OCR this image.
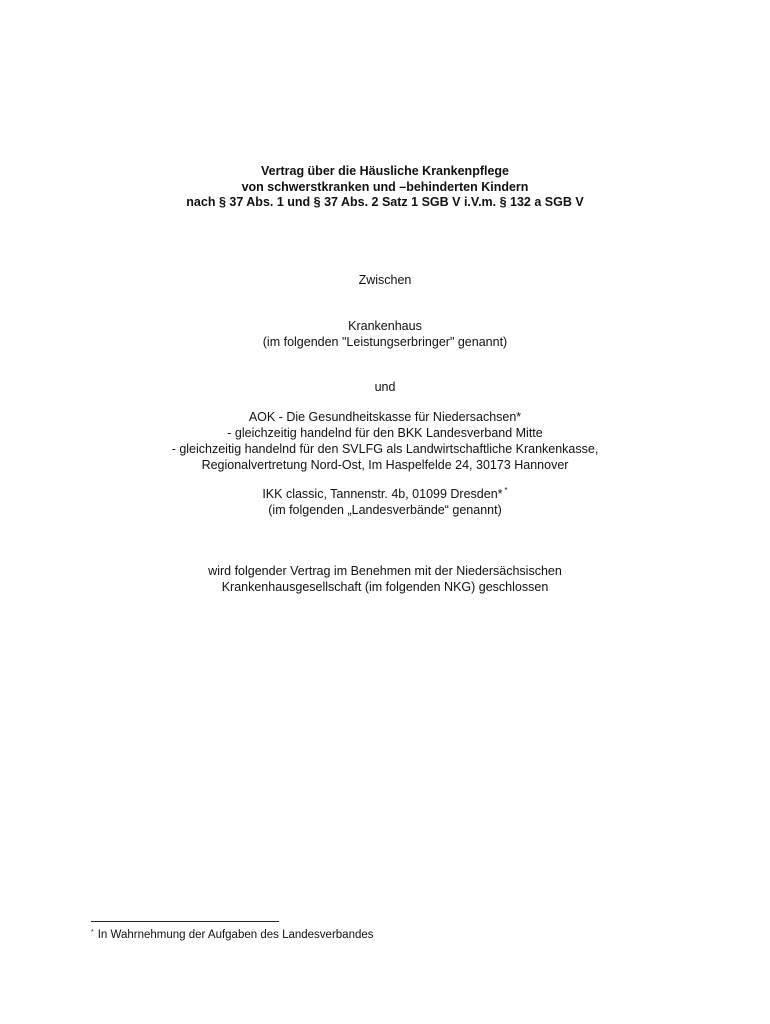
Vertrag über die Häusliche Krankenpflege
von schwerstkranken und –behinderten Kindern
nach § 37 Abs. 1 und § 37 Abs. 2 Satz 1 SGB V i.V.m. § 132 a SGB V
Zwischen
Krankenhaus
(im folgenden "Leistungserbringer" genannt)
und
AOK - Die Gesundheitskasse für Niedersachsen*
- gleichzeitig handelnd für den BKK Landesverband Mitte
- gleichzeitig handelnd für den SVLFG als Landwirtschaftliche Krankenkasse,
Regionalvertretung Nord-Ost, Im Haspelfelde 24, 30173 Hannover
IKK classic, Tannenstr. 4b, 01099 Dresden* *
(im folgenden „Landesverbände“ genannt)
wird folgender Vertrag im Benehmen mit der Niedersächsischen
Krankenhausgesellschaft (im folgenden NKG) geschlossen
* In Wahrnehmung der Aufgaben des Landesverbandes
